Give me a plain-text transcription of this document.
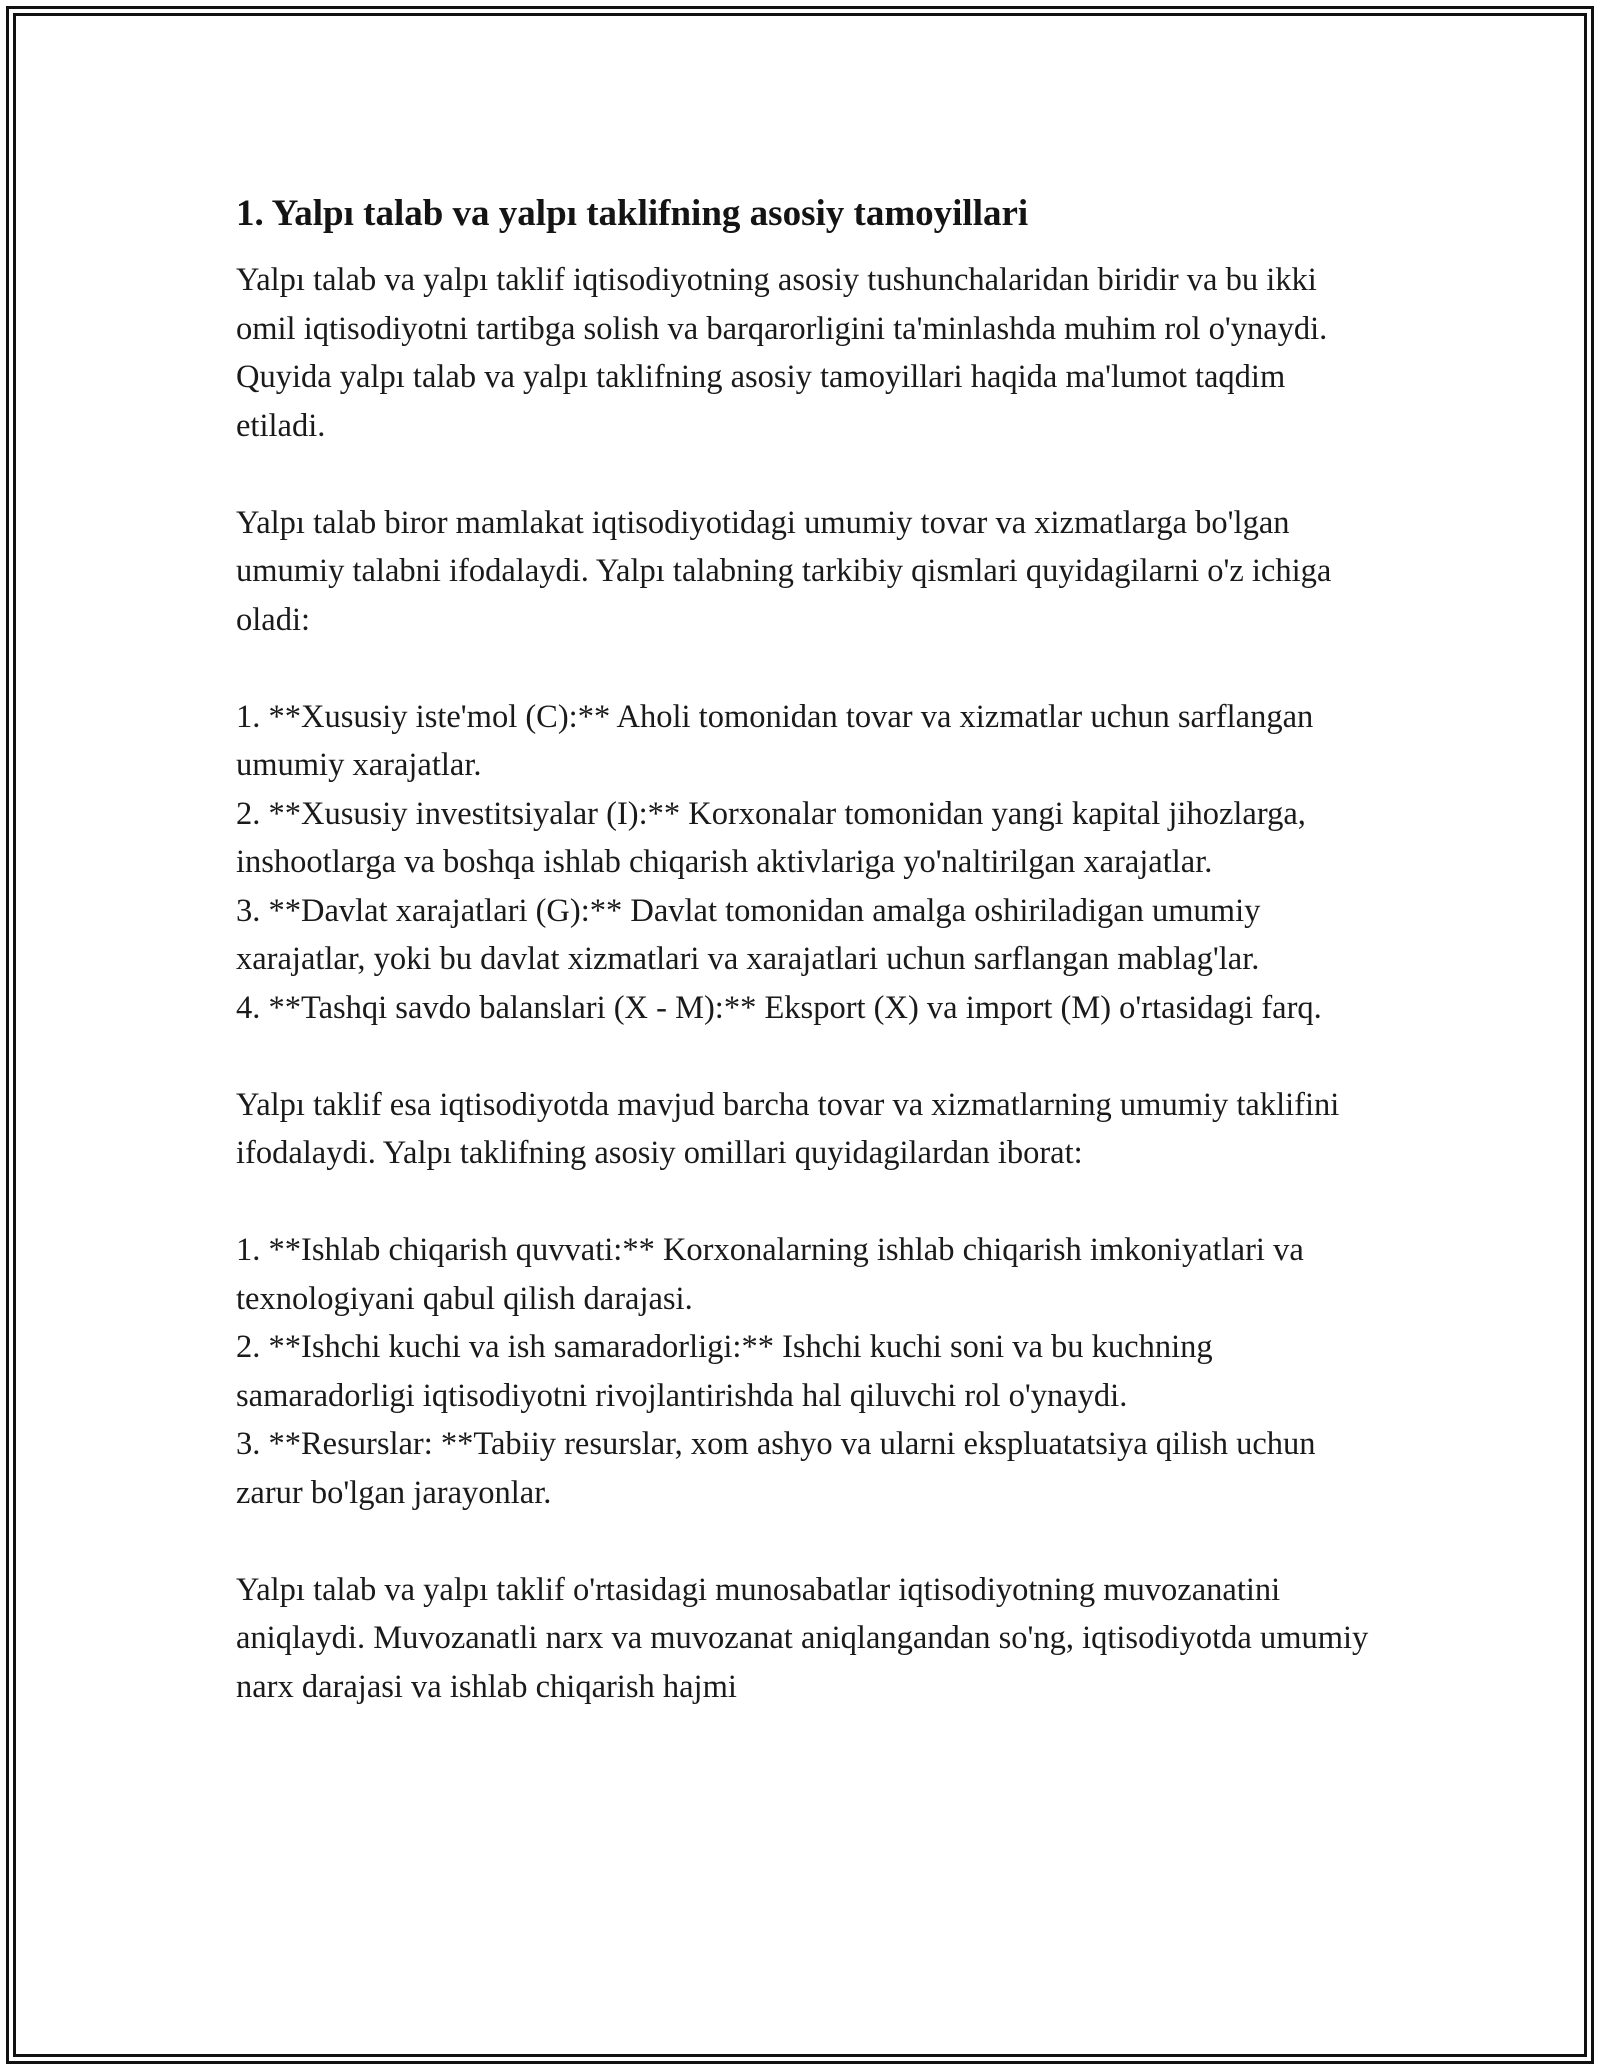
1. Yalpı talab va yalpı taklifning asosiy tamoyillari

Yalpı talab va yalpı taklif iqtisodiyotning asosiy tushunchalaridan biridir va bu ikki omil iqtisodiyotni tartibga solish va barqarorligini ta'minlashda muhim rol o'ynaydi. Quyida yalpı talab va yalpı taklifning asosiy tamoyillari haqida ma'lumot taqdim etiladi.

Yalpı talab biror mamlakat iqtisodiyotidagi umumiy tovar va xizmatlarga bo'lgan umumiy talabni ifodalaydi. Yalpı talabning tarkibiy qismlari quyidagilarni o'z ichiga oladi:

1. **Xususiy iste'mol (C):** Aholi tomonidan tovar va xizmatlar uchun sarflangan umumiy xarajatlar.

2. **Xususiy investitsiyalar (I):** Korxonalar tomonidan yangi kapital jihozlarga, inshootlarga va boshqa ishlab chiqarish aktivlariga yo'naltirilgan xarajatlar.

3. **Davlat xarajatlari (G):** Davlat tomonidan amalga oshiriladigan umumiy xarajatlar, yoki bu davlat xizmatlari va xarajatlari uchun sarflangan mablag'lar.

4. **Tashqi savdo balanslari (X - M):** Eksport (X) va import (M) o'rtasidagi farq.

Yalpı taklif esa iqtisodiyotda mavjud barcha tovar va xizmatlarning umumiy taklifini ifodalaydi. Yalpı taklifning asosiy omillari quyidagilardan iborat:

1. **Ishlab chiqarish quvvati:** Korxonalarning ishlab chiqarish imkoniyatlari va texnologiyani qabul qilish darajasi.

2. **Ishchi kuchi va ish samaradorligi:** Ishchi kuchi soni va bu kuchning samaradorligi iqtisodiyotni rivojlantirishda hal qiluvchi rol o'ynaydi.

3. **Resurslar: **Tabiiy resurslar, xom ashyo va ularni ekspluatatsiya qilish uchun zarur bo'lgan jarayonlar.

Yalpı talab va yalpı taklif o'rtasidagi munosabatlar iqtisodiyotning muvozanatini aniqlaydi. Muvozanatli narx va muvozanat aniqlangandan so'ng, iqtisodiyotda umumiy narx darajasi va ishlab chiqarish hajmi
